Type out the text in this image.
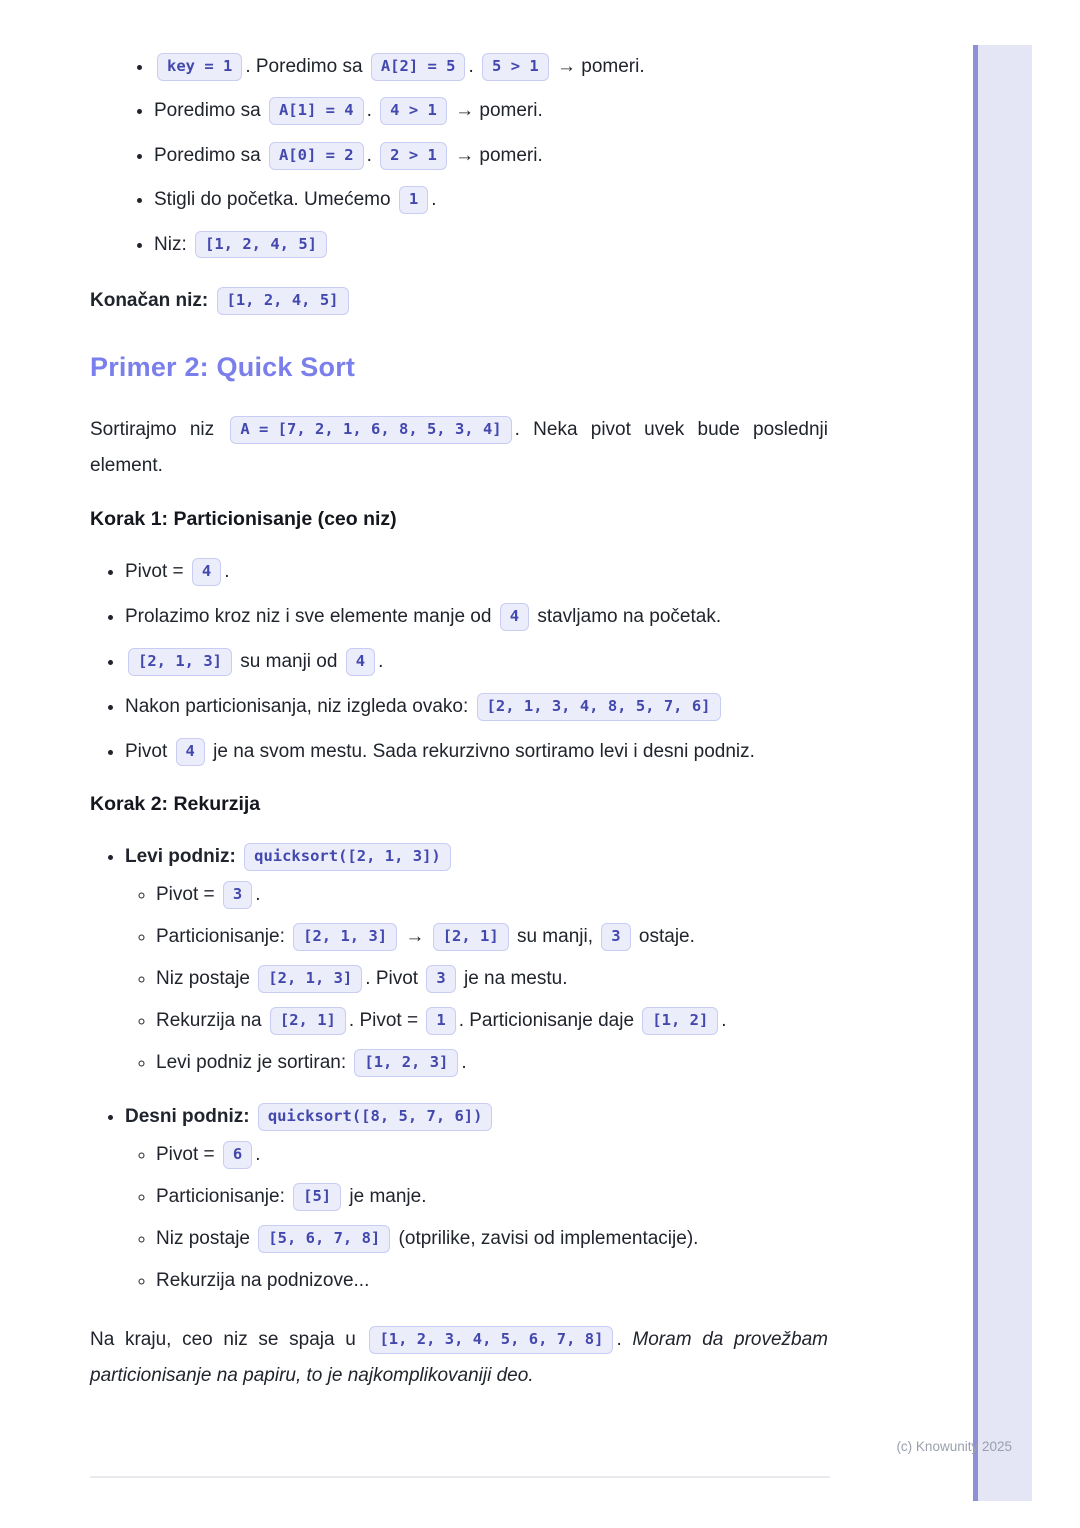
• key = 1 . Poredimo sa A[2] = 5 . 5 > 1 → pomeri.
• Poredimo sa A[1] = 4 . 4 > 1 → pomeri.
• Poredimo sa A[0] = 2 . 2 > 1 → pomeri.
• Stigli do početka. Umećemo 1 .
• Niz: [1, 2, 4, 5]

Konačan niz: [1, 2, 4, 5]

Primer 2: Quick Sort

Sortirajmo niz A = [7, 2, 1, 6, 8, 5, 3, 4] . Neka pivot uvek bude poslednji element.

Korak 1: Particionisanje (ceo niz)
• Pivot = 4 .
• Prolazimo kroz niz i sve elemente manje od 4 stavljamo na početak.
• [2, 1, 3] su manji od 4 .
• Nakon particionisanja, niz izgleda ovako: [2, 1, 3, 4, 8, 5, 7, 6]
• Pivot 4 je na svom mestu. Sada rekurzivno sortiramo levi i desni podniz.
Korak 2: Rekurzija
• Levi podniz: quicksort([2, 1, 3])
◦ Pivot = 3 .
◦ Particionisanje: [2, 1, 3] → [2, 1] su manji, 3 ostaje.
◦ Niz postaje [2, 1, 3] . Pivot 3 je na mestu.
◦ Rekurzija na [2, 1] . Pivot = 1 . Particionisanje daje [1, 2] .
◦ Levi podniz je sortiran: [1, 2, 3] .
• Desni podniz: quicksort([8, 5, 7, 6])
◦ Pivot = 6 .
◦ Particionisanje: [5] je manje.
◦ Niz postaje [5, 6, 7, 8] (otprilike, zavisi od implementacije).
◦ Rekurzija na podnizove...

Na kraju, ceo niz se spaja u [1, 2, 3, 4, 5, 6, 7, 8] . Moram da provežbam particionisanje na papiru, to je najkomplikovaniji deo.

(c) Knowunity 2025
